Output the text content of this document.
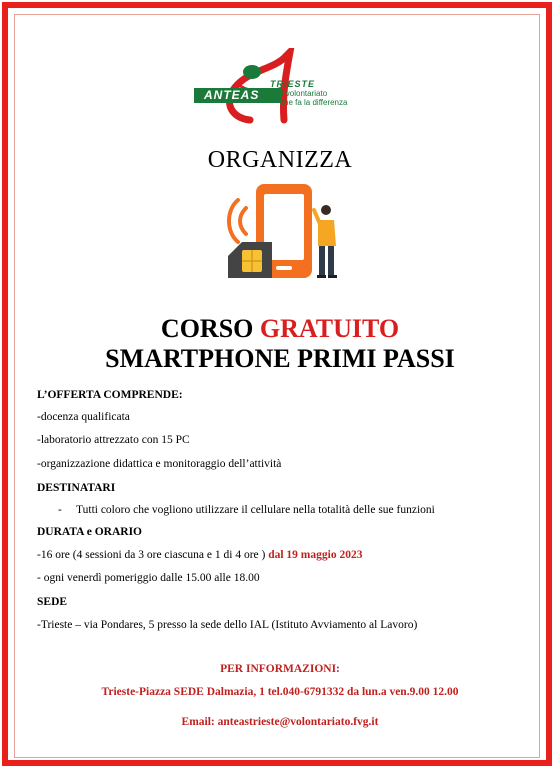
ANTEAS
TRIESTE
il volontariato
che fa la differenza
ORGANIZZA
CORSO GRATUITO
SMARTPHONE PRIMI PASSI
L’OFFERTA COMPRENDE:
-docenza qualificata
-laboratorio attrezzato con 15 PC
-organizzazione didattica e monitoraggio dell’attività
DESTINATARI
- Tutti coloro che vogliono utilizzare il cellulare nella totalità delle sue funzioni
DURATA e ORARIO
-16 ore (4 sessioni da 3 ore ciascuna e 1 di 4 ore ) dal 19 maggio 2023
- ogni venerdì pomeriggio dalle 15.00 alle 18.00
SEDE
-Trieste – via Pondares, 5 presso la sede dello IAL (Istituto Avviamento al Lavoro)
PER INFORMAZIONI:
Trieste-Piazza SEDE Dalmazia, 1 tel.040-6791332 da lun.a ven.9.00 12.00
Email: anteastrieste@volontariato.fvg.it
